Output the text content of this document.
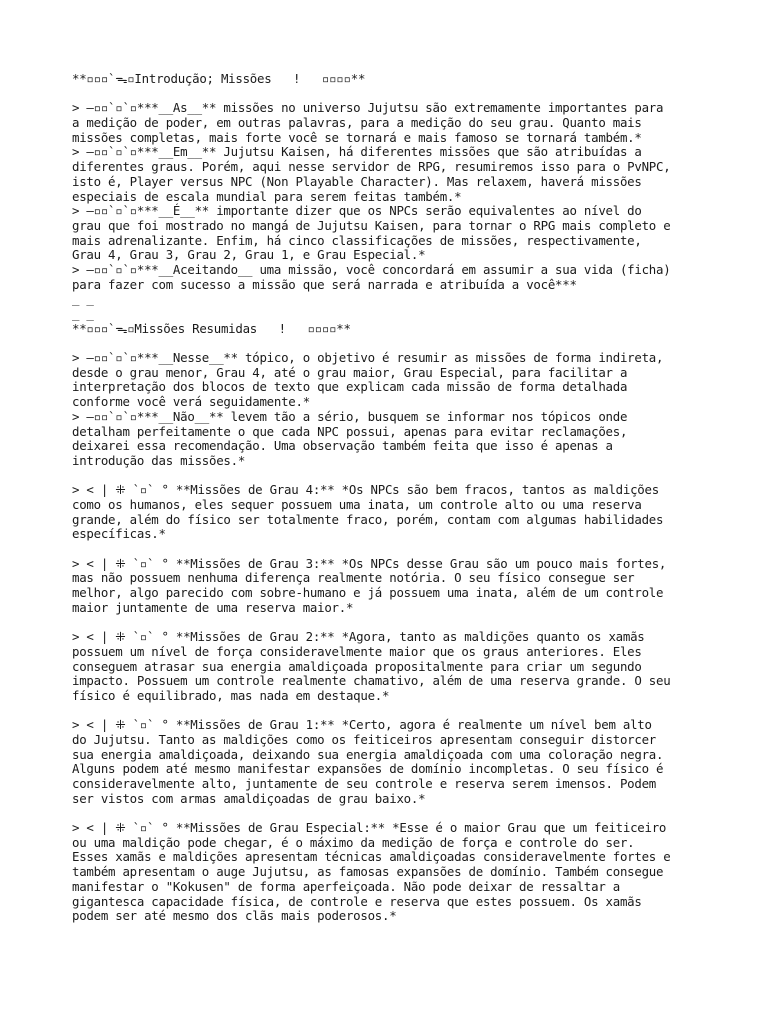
**▫▫▫`ᯓ▫Introdução; Missões   !   ▫▫▫▫**
> —▫▫`▫`▫***__As__** missões no universo Jujutsu são extremamente importantes para
a medição de poder, em outras palavras, para a medição do seu grau. Quanto mais
missões completas, mais forte você se tornará e mais famoso se tornará também.*
> —▫▫`▫`▫***__Em__** Jujutsu Kaisen, há diferentes missões que são atribuídas a
diferentes graus. Porém, aqui nesse servidor de RPG, resumiremos isso para o PvNPC,
isto é, Player versus NPC (Non Playable Character). Mas relaxem, haverá missões
especiais de escala mundial para serem feitas também.*
> —▫▫`▫`▫***__É__** importante dizer que os NPCs serão equivalentes ao nível do
grau que foi mostrado no mangá de Jujutsu Kaisen, para tornar o RPG mais completo e
mais adrenalizante. Enfim, há cinco classificações de missões, respectivamente,
Grau 4, Grau 3, Grau 2, Grau 1, e Grau Especial.*
> —▫▫`▫`▫***__Aceitando__ uma missão, você concordará em assumir a sua vida (ficha)
para fazer com sucesso a missão que será narrada e atribuída a você***
_ _
_ _
**▫▫▫`ᯓ▫Missões Resumidas   !   ▫▫▫▫**
> —▫▫`▫`▫***__Nesse__** tópico, o objetivo é resumir as missões de forma indireta,
desde o grau menor, Grau 4, até o grau maior, Grau Especial, para facilitar a
interpretação dos blocos de texto que explicam cada missão de forma detalhada
conforme você verá seguidamente.*
> —▫▫`▫`▫***__Não__** levem tão a sério, busquem se informar nos tópicos onde
detalham perfeitamente o que cada NPC possui, apenas para evitar reclamações,
deixarei essa recomendação. Uma observação também feita que isso é apenas a
introdução das missões.*
> < | ⁜ `▫` ° **Missões de Grau 4:** *Os NPCs são bem fracos, tantos as maldições
como os humanos, eles sequer possuem uma inata, um controle alto ou uma reserva
grande, além do físico ser totalmente fraco, porém, contam com algumas habilidades
específicas.*
> < | ⁜ `▫` ° **Missões de Grau 3:** *Os NPCs desse Grau são um pouco mais fortes,
mas não possuem nenhuma diferença realmente notória. O seu físico consegue ser
melhor, algo parecido com sobre-humano e já possuem uma inata, além de um controle
maior juntamente de uma reserva maior.*
> < | ⁜ `▫` ° **Missões de Grau 2:** *Agora, tanto as maldições quanto os xamãs
possuem um nível de força consideravelmente maior que os graus anteriores. Eles
conseguem atrasar sua energia amaldiçoada propositalmente para criar um segundo
impacto. Possuem um controle realmente chamativo, além de uma reserva grande. O seu
físico é equilibrado, mas nada em destaque.*
> < | ⁜ `▫` ° **Missões de Grau 1:** *Certo, agora é realmente um nível bem alto
do Jujutsu. Tanto as maldições como os feiticeiros apresentam conseguir distorcer
sua energia amaldiçoada, deixando sua energia amaldiçoada com uma coloração negra.
Alguns podem até mesmo manifestar expansões de domínio incompletas. O seu físico é
consideravelmente alto, juntamente de seu controle e reserva serem imensos. Podem
ser vistos com armas amaldiçoadas de grau baixo.*
> < | ⁜ `▫` ° **Missões de Grau Especial:** *Esse é o maior Grau que um feiticeiro
ou uma maldição pode chegar, é o máximo da medição de força e controle do ser.
Esses xamãs e maldições apresentam técnicas amaldiçoadas consideravelmente fortes e
também apresentam o auge Jujutsu, as famosas expansões de domínio. Também consegue
manifestar o "Kokusen" de forma aperfeiçoada. Não pode deixar de ressaltar a
gigantesca capacidade física, de controle e reserva que estes possuem. Os xamãs
podem ser até mesmo dos clãs mais poderosos.*
